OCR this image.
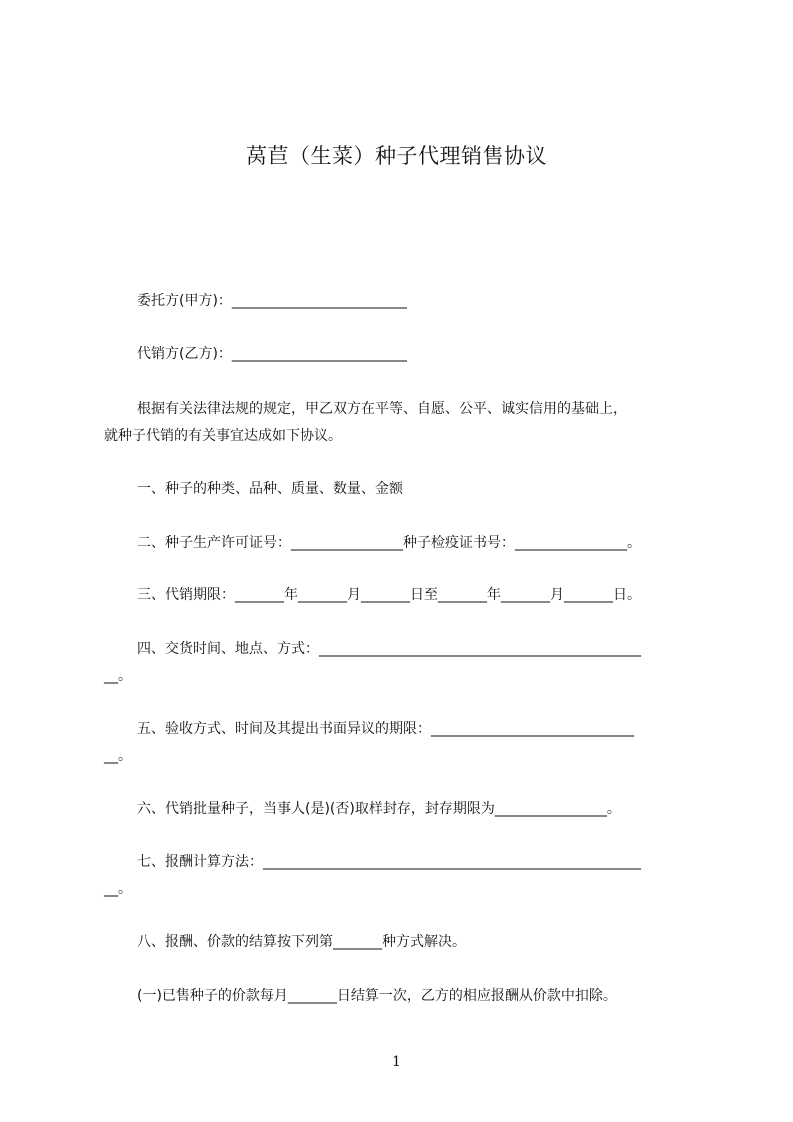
莴苣（生菜）种子代理销售协议

委托方(甲方)：_________________________

代销方(乙方)：_________________________

根据有关法律法规的规定，甲乙双方在平等、自愿、公平、诚实信用的基础上，

就种子代销的有关事宜达成如下协议。

一、种子的种类、品种、质量、数量、金额

二、种子生产许可证号：________________种子检疫证书号：________________。

三、代销期限：_______年_______月_______日至_______年_______月_______日。

四、交货时间、地点、方式：______________________________________________

__。

五、验收方式、时间及其提出书面异议的期限：_____________________________

__。

六、代销批量种子，当事人(是)(否)取样封存，封存期限为________________。

七、报酬计算方法：______________________________________________________

__。

八、报酬、价款的结算按下列第_______种方式解决。

(一)已售种子的价款每月_______日结算一次，乙方的相应报酬从价款中扣除。

1
